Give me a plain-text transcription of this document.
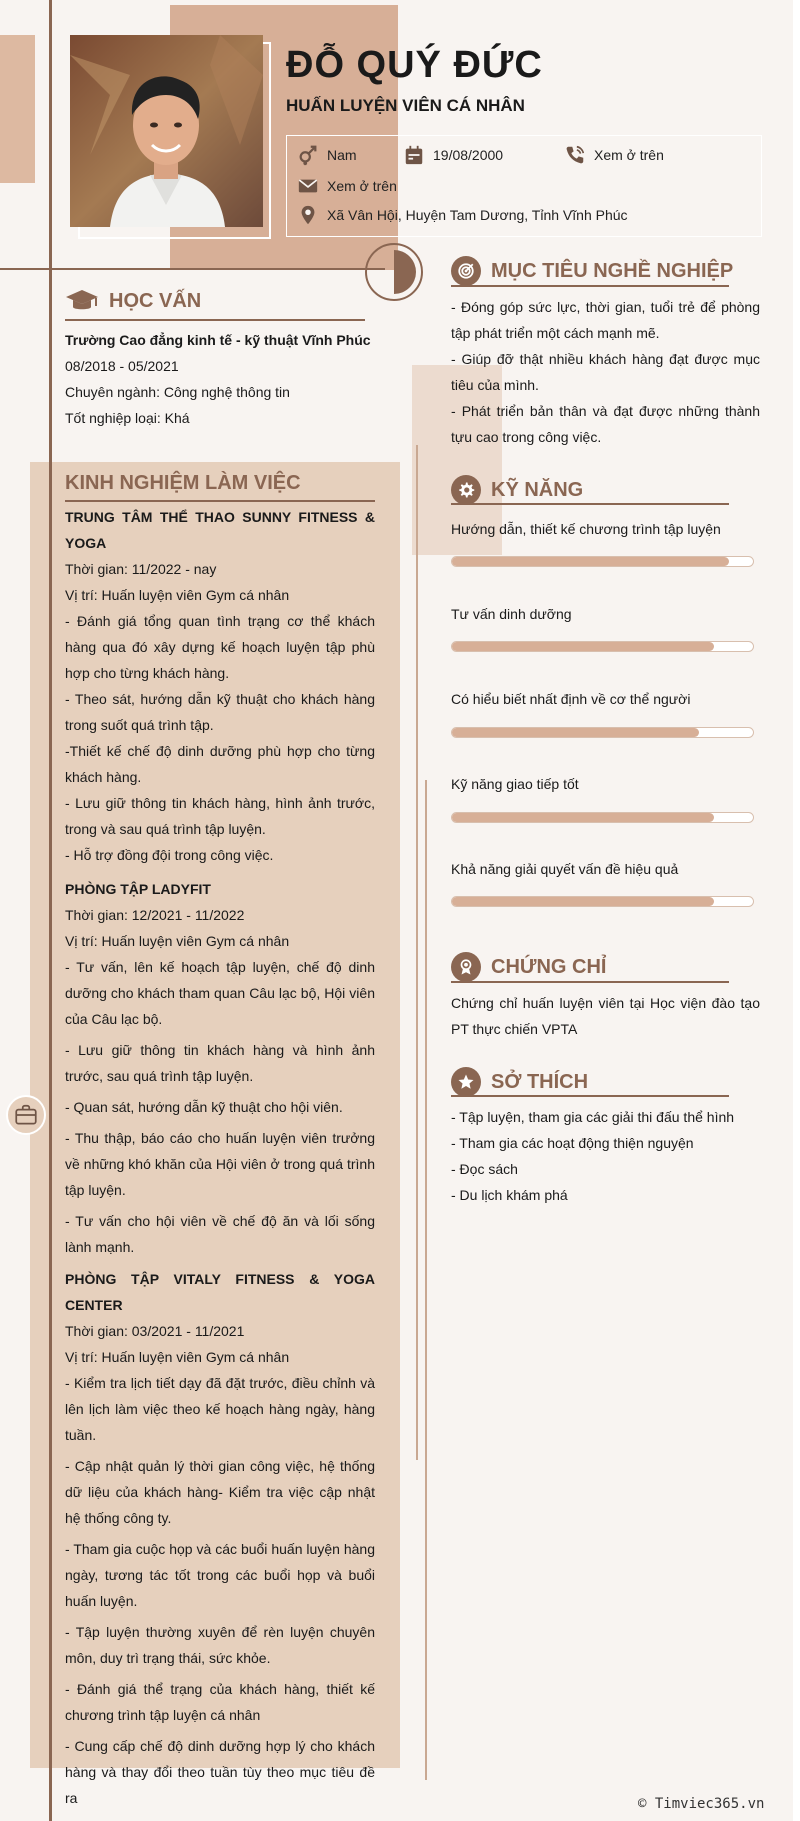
ĐỖ QUÝ ĐỨC
HUẤN LUYỆN VIÊN CÁ NHÂN
Nam	19/08/2000	Xem ở trên
Xem ở trên
Xã Vân Hội, Huyện Tam Dương, Tỉnh Vĩnh Phúc
HỌC VẤN
Trường Cao đẳng kinh tế - kỹ thuật Vĩnh Phúc
08/2018 - 05/2021
Chuyên ngành: Công nghệ thông tin
Tốt nghiệp loại: Khá
KINH NGHIỆM LÀM VIỆC

TRUNG TÂM THỂ THAO SUNNY FITNESS & YOGA

Thời gian: 11/2022 - nay

Vị trí: Huấn luyện viên Gym cá nhân

- Đánh giá tổng quan tình trạng cơ thể khách hàng qua đó xây dựng kế hoạch luyện tập phù hợp cho từng khách hàng.

- Theo sát, hướng dẫn kỹ thuật cho khách hàng trong suốt quá trình tập.

-Thiết kế chế độ dinh dưỡng phù hợp cho từng khách hàng.

- Lưu giữ thông tin khách hàng, hình ảnh trước, trong và sau quá trình tập luyện.

- Hỗ trợ đồng đội trong công việc.

PHÒNG TẬP LADYFIT

Thời gian: 12/2021 - 11/2022

Vị trí: Huấn luyện viên Gym cá nhân

- Tư vấn, lên kế hoạch tập luyện, chế độ dinh dưỡng cho khách tham quan Câu lạc bộ, Hội viên của Câu lạc bộ.

- Lưu giữ thông tin khách hàng và hình ảnh trước, sau quá trình tập luyện.

- Quan sát, hướng dẫn kỹ thuật cho hội viên.

- Thu thập, báo cáo cho huấn luyện viên trưởng về những khó khăn của Hội viên ở trong quá trình tập luyện.

- Tư vấn cho hội viên về chế độ ăn và lối sống lành mạnh.

PHÒNG TẬP VITALY FITNESS & YOGA CENTER

Thời gian: 03/2021 - 11/2021

Vị trí: Huấn luyện viên Gym cá nhân

- Kiểm tra lịch tiết dạy đã đặt trước, điều chỉnh và lên lịch làm việc theo kế hoạch hàng ngày, hàng tuần.

- Cập nhật quản lý thời gian công việc, hệ thống dữ liệu của khách hàng- Kiểm tra việc cập nhật hệ thống công ty.

- Tham gia cuộc họp và các buổi huấn luyện hàng ngày, tương tác tốt trong các buổi họp và buổi huấn luyện.

- Tập luyện thường xuyên để rèn luyện chuyên môn, duy trì trạng thái, sức khỏe.

- Đánh giá thể trạng của khách hàng, thiết kế chương trình tập luyện cá nhân

- Cung cấp chế độ dinh dưỡng hợp lý cho khách hàng và thay đổi theo tuần tùy theo mục tiêu đề ra

MỤC TIÊU NGHỀ NGHIỆP

- Đóng góp sức lực, thời gian, tuổi trẻ để phòng tập phát triển một cách mạnh mẽ.

- Giúp đỡ thật nhiều khách hàng đạt được mục tiêu của mình.

- Phát triển bản thân và đạt được những thành tựu cao trong công việc.

KỸ NĂNG
Hướng dẫn, thiết kế chương trình tập luyện
Tư vấn dinh dưỡng
Có hiểu biết nhất định về cơ thể người
Kỹ năng giao tiếp tốt
Khả năng giải quyết vấn đề hiệu quả
CHỨNG CHỈ
Chứng chỉ huấn luyện viên tại Học viện đào tạo PT thực chiến VPTA
SỞ THÍCH

- Tập luyện, tham gia các giải thi đấu thể hình

- Tham gia các hoạt động thiện nguyện

- Đọc sách

- Du lịch khám phá

© Timviec365.vn
